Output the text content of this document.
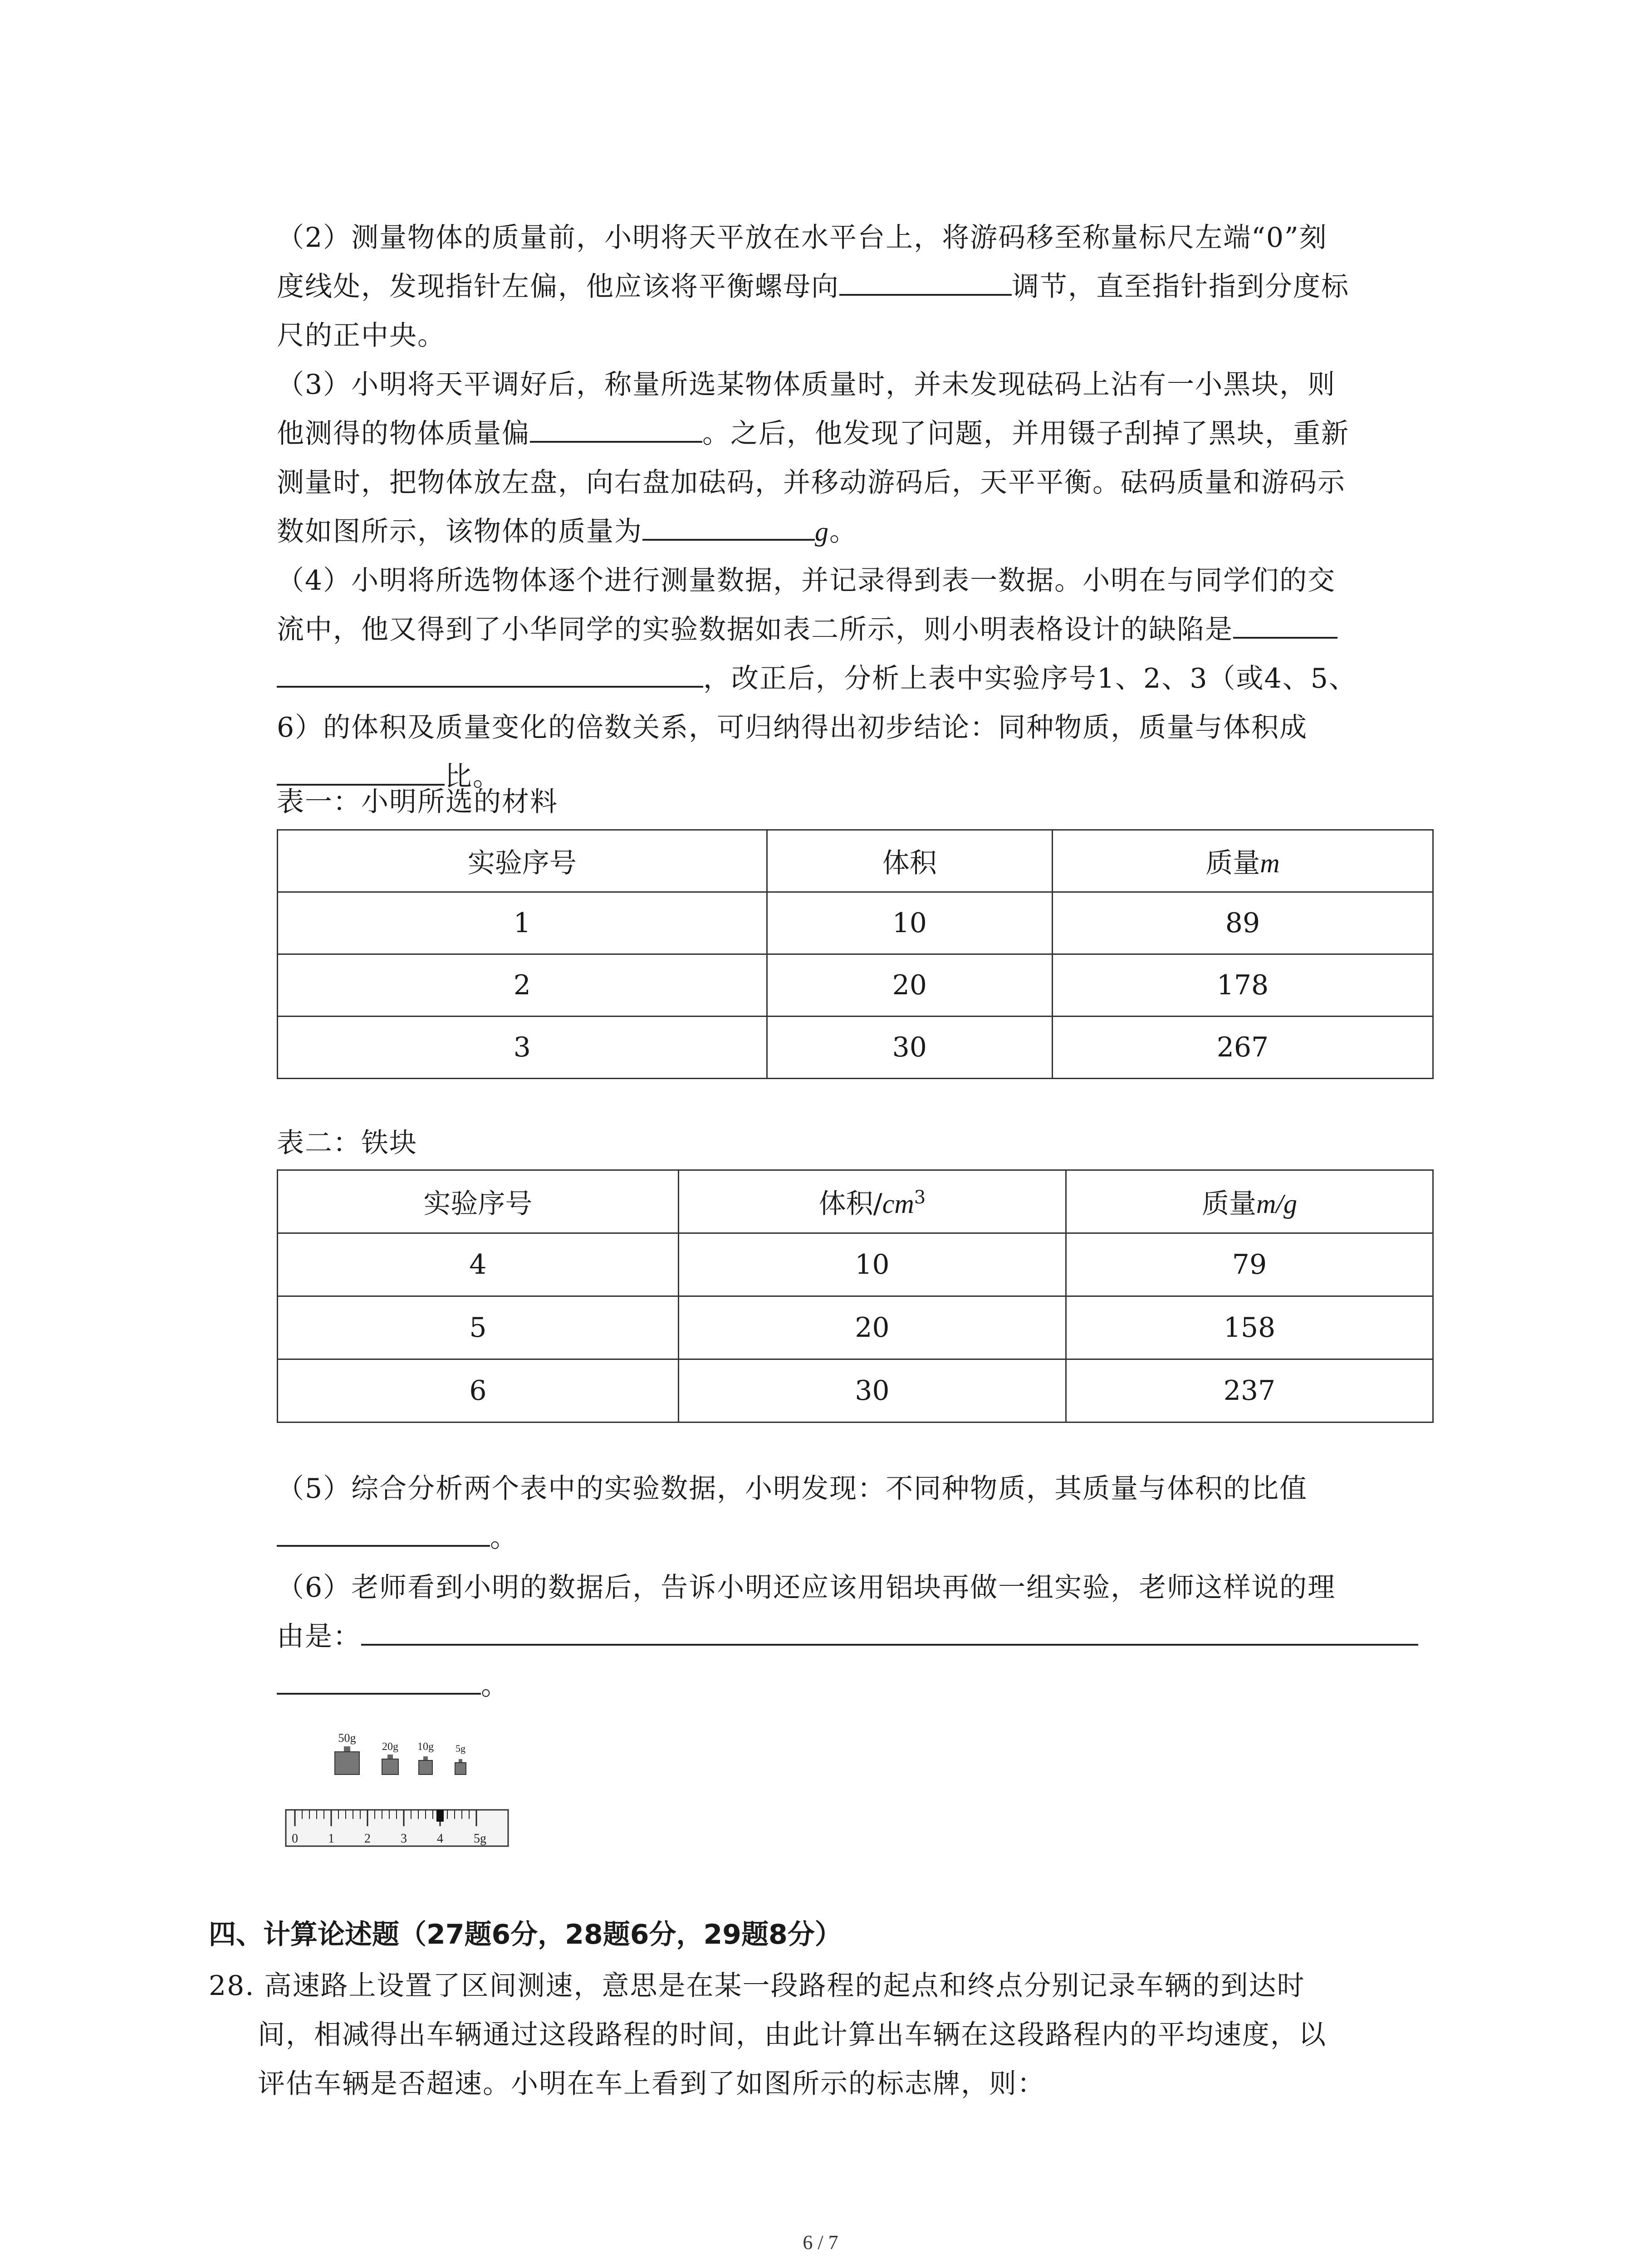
（2）测量物体的质量前，小明将天平放在水平台上，将游码移至称量标尺左端“0”刻
度线处，发现指针左偏，他应该将平衡螺母向	调节，直至指针指到分度标
尺的正中央。
（3）小明将天平调好后，称量所选某物体质量时，并未发现砝码上沾有一小黑块，则
他测得的物体质量偏	。之后，他发现了问题，并用镊子刮掉了黑块，重新
测量时，把物体放左盘，向右盘加砝码，并移动游码后，天平平衡。砝码质量和游码示
数如图所示，该物体的质量为	g。
（4）小明将所选物体逐个进行测量数据，并记录得到表一数据。小明在与同学们的交
流中，他又得到了小华同学的实验数据如表二所示，则小明表格设计的缺陷是
，改正后，分析上表中实验序号1、2、3（或4、5、
6）的体积及质量变化的倍数关系，可归纳得出初步结论：同种物质，质量与体积成
比。
表一：小明所选的材料
实验序号	体积	质量m
1	10	89
2	20	178
3	30	267
表二：铁块
实验序号	体积$/cm^3$	质量m/g
4	10	79
5	20	158
6	30	237
（5）综合分析两个表中的实验数据，小明发现：不同种物质，其质量与体积的比值
。
（6）老师看到小明的数据后，告诉小明还应该用铝块再做一组实验，老师这样说的理
由是：
。
50g
20g 10g 5g
0 1 2 3 4 5g
四、计算论述题（27题6分，28题6分，29题8分）
28. 高速路上设置了区间测速，意思是在某一段路程的起点和终点分别记录车辆的到达时
间，相减得出车辆通过这段路程的时间，由此计算出车辆在这段路程内的平均速度，以
评估车辆是否超速。小明在车上看到了如图所示的标志牌，则：
6 / 7
